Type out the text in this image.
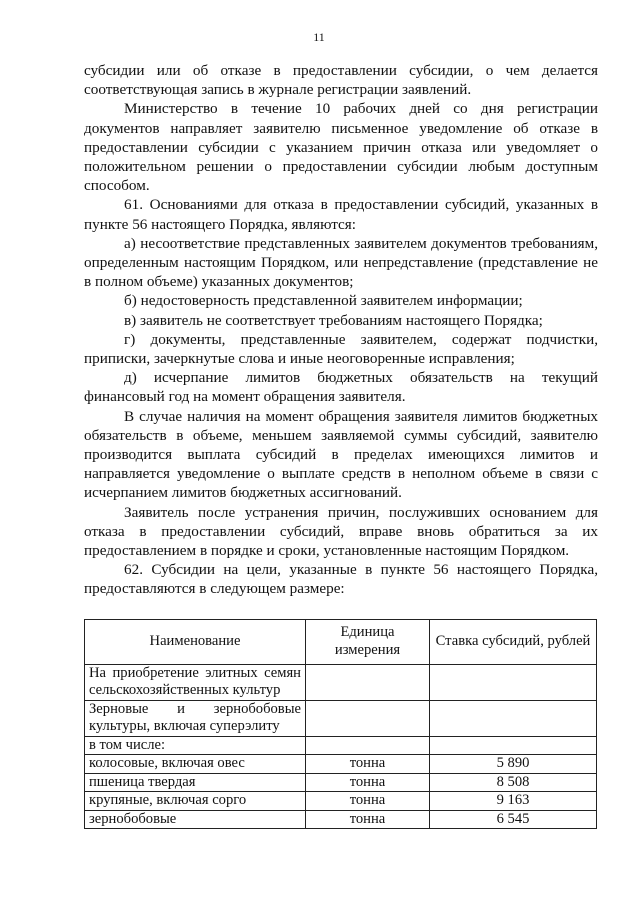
11

субсидии или об отказе в предоставлении субсидии, о чем делается соответствующая запись в журнале регистрации заявлений.

Министерство в течение 10 рабочих дней со дня регистрации документов направляет заявителю письменное уведомление об отказе в предоставлении субсидии с указанием причин отказа или уведомляет о положительном решении о предоставлении субсидии любым доступным способом.

61. Основаниями для отказа в предоставлении субсидий, указанных в пункте 56 настоящего Порядка, являются:

а) несоответствие представленных заявителем документов требованиям, определенным настоящим Порядком, или непредставление (представление не в полном объеме) указанных документов;

б) недостоверность представленной заявителем информации;

в) заявитель не соответствует требованиям настоящего Порядка;

г) документы, представленные заявителем, содержат подчистки, приписки, зачеркнутые слова и иные неоговоренные исправления;

д) исчерпание лимитов бюджетных обязательств на текущий финансовый год на момент обращения заявителя.

В случае наличия на момент обращения заявителя лимитов бюджетных обязательств в объеме, меньшем заявляемой суммы субсидий, заявителю производится выплата субсидий в пределах имеющихся лимитов и направляется уведомление о выплате средств в неполном объеме в связи с исчерпанием лимитов бюджетных ассигнований.

Заявитель после устранения причин, послуживших основанием для отказа в предоставлении субсидий, вправе вновь обратиться за их предоставлением в порядке и сроки, установленные настоящим Порядком.

62. Субсидии на цели, указанные в пункте 56 настоящего Порядка, предоставляются в следующем размере:

Наименование	Единица измерения	Ставка субсидий, рублей
На приобретение элитных семян сельскохозяйственных культур		
Зерновые и зернобобовые культуры, включая суперэлиту		
в том числе:		
колосовые, включая овес	тонна	5 890
пшеница твердая	тонна	8 508
крупяные, включая сорго	тонна	9 163
зернобобовые	тонна	6 545
